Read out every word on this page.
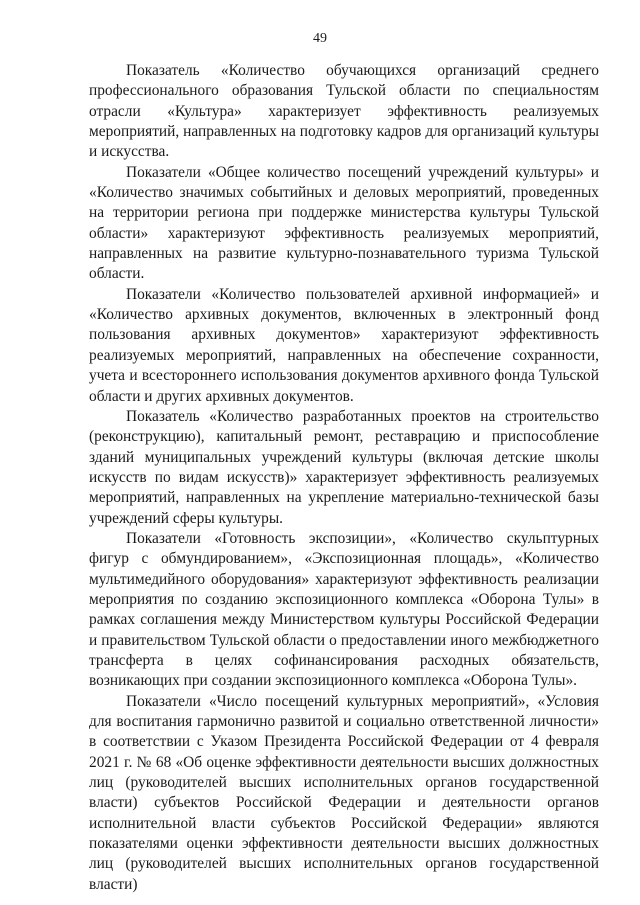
49

Показатель «Количество обучающихся организаций среднего профессионального образования Тульской области по специальностям отрасли «Культура» характеризует эффективность реализуемых мероприятий, направленных на подготовку кадров для организаций культуры и искусства.

Показатели «Общее количество посещений учреждений культуры» и «Количество значимых событийных и деловых мероприятий, проведенных на территории региона при поддержке министерства культуры Тульской области» характеризуют эффективность реализуемых мероприятий, направленных на развитие культурно-познавательного туризма Тульской области.

Показатели «Количество пользователей архивной информацией» и «Количество архивных документов, включенных в электронный фонд пользования архивных документов» характеризуют эффективность реализуемых мероприятий, направленных на обеспечение сохранности, учета и всестороннего использования документов архивного фонда Тульской области и других архивных документов.

Показатель «Количество разработанных проектов на строительство (реконструкцию), капитальный ремонт, реставрацию и приспособление зданий муниципальных учреждений культуры (включая детские школы искусств по видам искусств)» характеризует эффективность реализуемых мероприятий, направленных на укрепление материально-технической базы учреждений сферы культуры.

Показатели «Готовность экспозиции», «Количество скульптурных фигур с обмундированием», «Экспозиционная площадь», «Количество мультимедийного оборудования» характеризуют эффективность реализации мероприятия по созданию экспозиционного комплекса «Оборона Тулы» в рамках соглашения между Министерством культуры Российской Федерации и правительством Тульской области о предоставлении иного межбюджетного трансферта в целях софинансирования расходных обязательств, возникающих при создании экспозиционного комплекса «Оборона Тулы».

Показатели «Число посещений культурных мероприятий», «Условия для воспитания гармонично развитой и социально ответственной личности» в соответствии с Указом Президента Российской Федерации от 4 февраля 2021 г. № 68 «Об оценке эффективности деятельности высших должностных лиц (руководителей высших исполнительных органов государственной власти) субъектов Российской Федерации и деятельности органов исполнительной власти субъектов Российской Федерации» являются показателями оценки эффективности деятельности высших должностных лиц (руководителей высших исполнительных органов государственной власти)
